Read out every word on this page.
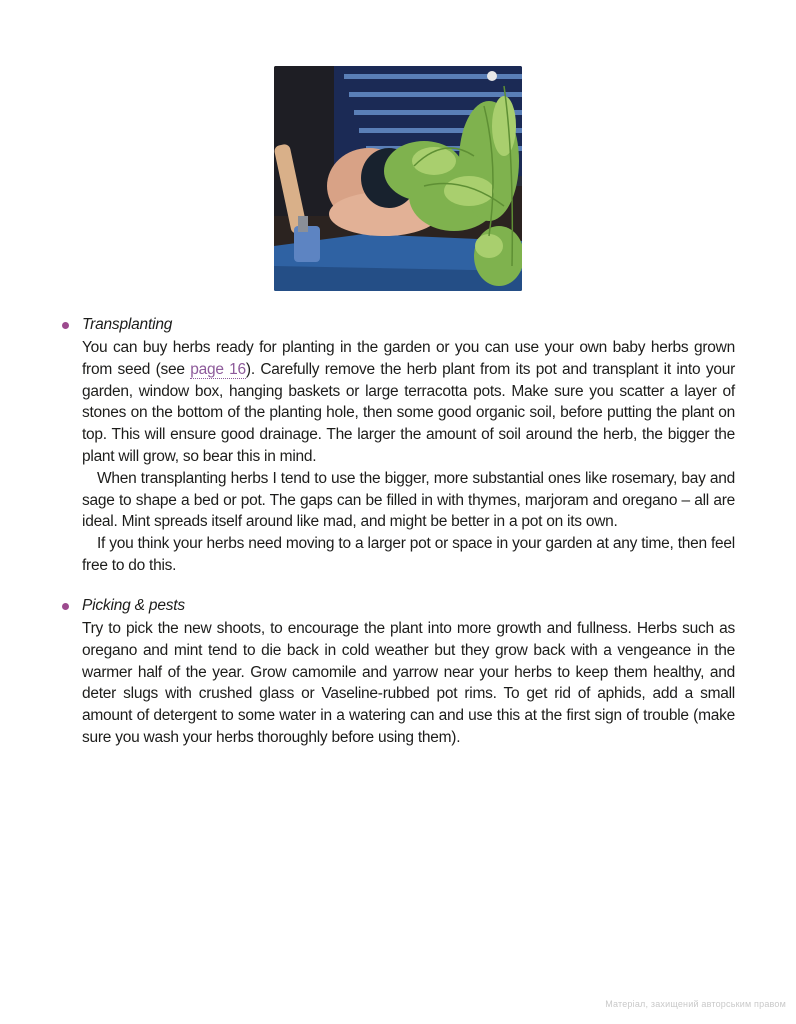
Transplanting

You can buy herbs ready for planting in the garden or you can use your own baby herbs grown from seed (see page 16). Carefully remove the herb plant from its pot and transplant it into your garden, window box, hanging baskets or large terracotta pots. Make sure you scatter a layer of stones on the bottom of the planting hole, then some good organic soil, before putting the plant on top. This will ensure good drainage. The larger the amount of soil around the herb, the bigger the plant will grow, so bear this in mind.

When transplanting herbs I tend to use the bigger, more substantial ones like rosemary, bay and sage to shape a bed or pot. The gaps can be filled in with thymes, marjoram and oregano – all are ideal. Mint spreads itself around like mad, and might be better in a pot on its own.

If you think your herbs need moving to a larger pot or space in your garden at any time, then feel free to do this.

Picking & pests

Try to pick the new shoots, to encourage the plant into more growth and fullness. Herbs such as oregano and mint tend to die back in cold weather but they grow back with a vengeance in the warmer half of the year. Grow camomile and yarrow near your herbs to keep them healthy, and deter slugs with crushed glass or Vaseline-rubbed pot rims. To get rid of aphids, add a small amount of detergent to some water in a watering can and use this at the first sign of trouble (make sure you wash your herbs thoroughly before using them).

Матеріал, захищений авторським правом
